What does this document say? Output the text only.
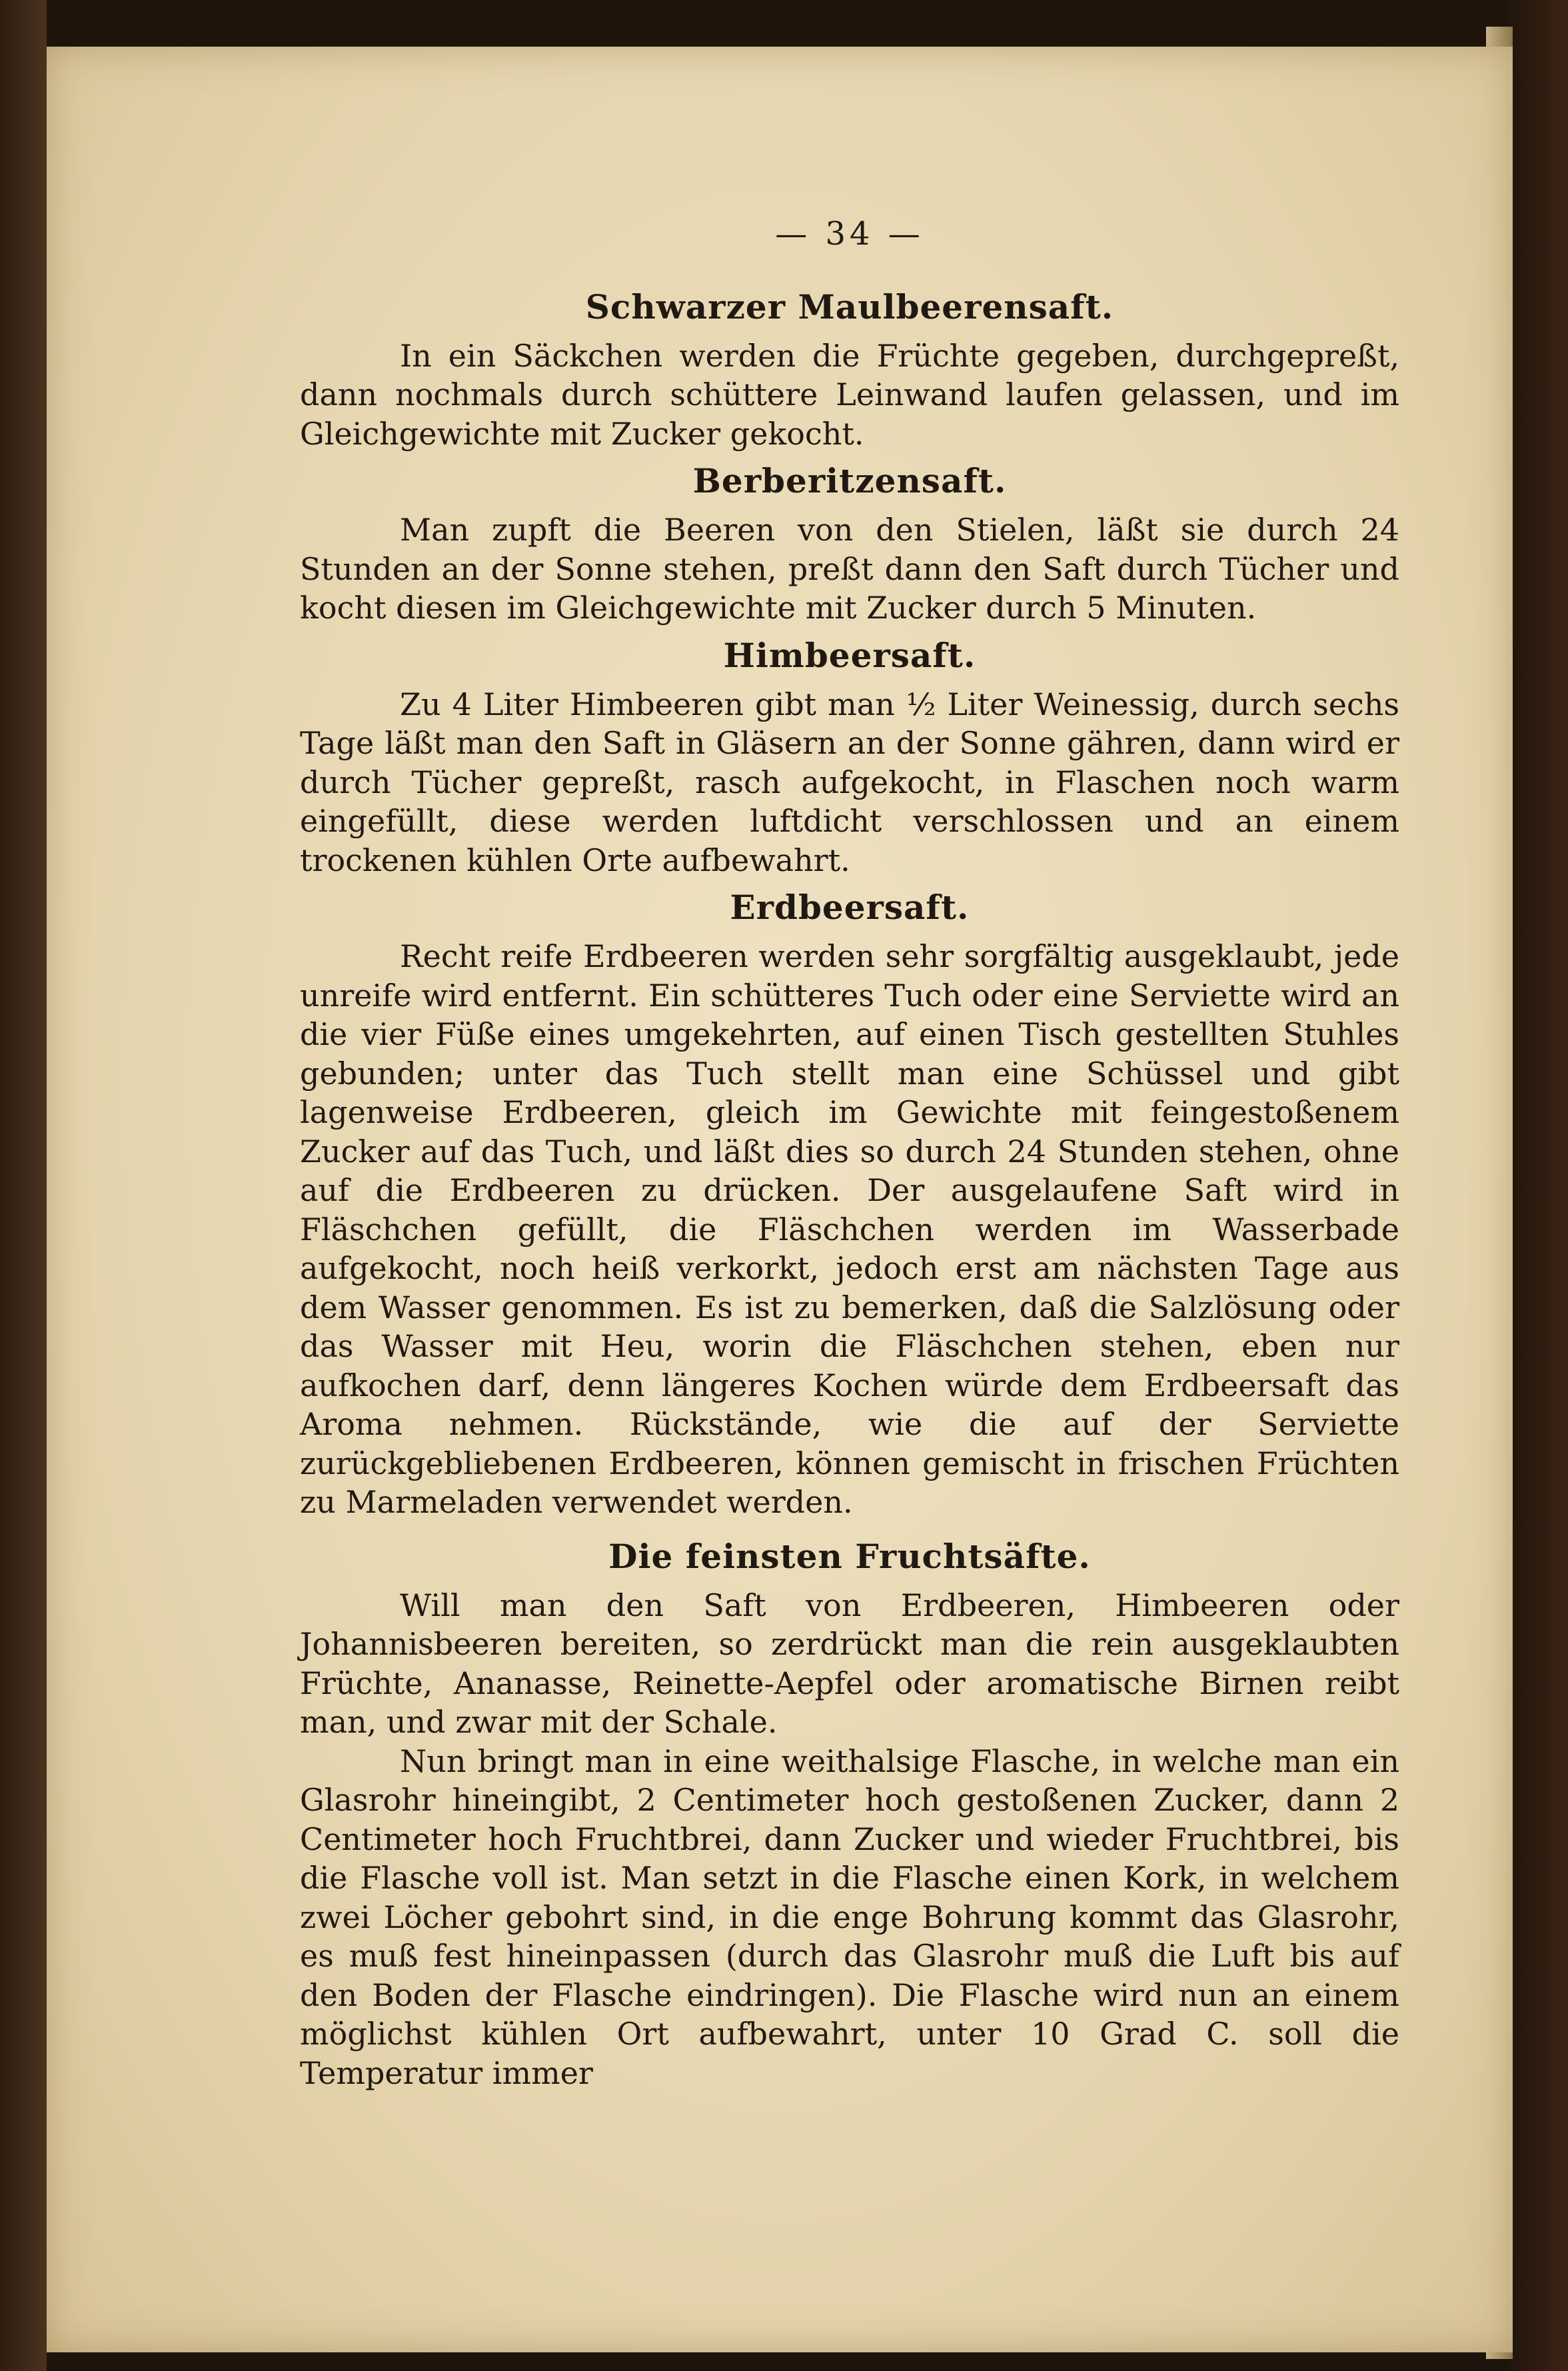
— 34 —
Schwarzer Maulbeerensaft.

In ein Säckchen werden die Früchte gegeben, durchgepreßt, dann nochmals durch schüttere Leinwand laufen gelassen, und im Gleichgewichte mit Zucker gekocht.

Berberitzensaft.

Man zupft die Beeren von den Stielen, läßt sie durch 24 Stunden an der Sonne stehen, preßt dann den Saft durch Tücher und kocht diesen im Gleichgewichte mit Zucker durch 5 Minuten.

Himbeersaft.

Zu 4 Liter Himbeeren gibt man ½ Liter Weinessig, durch sechs Tage läßt man den Saft in Gläsern an der Sonne gähren, dann wird er durch Tücher gepreßt, rasch aufgekocht, in Flaschen noch warm eingefüllt, diese werden luftdicht verschlossen und an einem trockenen kühlen Orte aufbewahrt.

Erdbeersaft.

Recht reife Erdbeeren werden sehr sorgfältig ausgeklaubt, jede unreife wird entfernt. Ein schütteres Tuch oder eine Serviette wird an die vier Füße eines umgekehrten, auf einen Tisch gestellten Stuhles gebunden; unter das Tuch stellt man eine Schüssel und gibt lagenweise Erdbeeren, gleich im Gewichte mit feingestoßenem Zucker auf das Tuch, und läßt dies so durch 24 Stunden stehen, ohne auf die Erdbeeren zu drücken. Der ausgelaufene Saft wird in Fläschchen gefüllt, die Fläschchen werden im Wasserbade aufgekocht, noch heiß verkorkt, jedoch erst am nächsten Tage aus dem Wasser genommen. Es ist zu bemerken, daß die Salzlösung oder das Wasser mit Heu, worin die Fläschchen stehen, eben nur aufkochen darf, denn längeres Kochen würde dem Erdbeersaft das Aroma nehmen. Rückstände, wie die auf der Serviette zurückgebliebenen Erdbeeren, können gemischt in frischen Früchten zu Marmeladen verwendet werden.

Die feinsten Fruchtsäfte.

Will man den Saft von Erdbeeren, Himbeeren oder Johannisbeeren bereiten, so zerdrückt man die rein ausgeklaubten Früchte, Ananasse, Reinette-Aepfel oder aromatische Birnen reibt man, und zwar mit der Schale.

Nun bringt man in eine weithalsige Flasche, in welche man ein Glasrohr hineingibt, 2 Centimeter hoch gestoßenen Zucker, dann 2 Centimeter hoch Fruchtbrei, dann Zucker und wieder Fruchtbrei, bis die Flasche voll ist. Man setzt in die Flasche einen Kork, in welchem zwei Löcher gebohrt sind, in die enge Bohrung kommt das Glasrohr, es muß fest hineinpassen (durch das Glasrohr muß die Luft bis auf den Boden der Flasche eindringen). Die Flasche wird nun an einem möglichst kühlen Ort aufbewahrt, unter 10 Grad C. soll die Temperatur immer
